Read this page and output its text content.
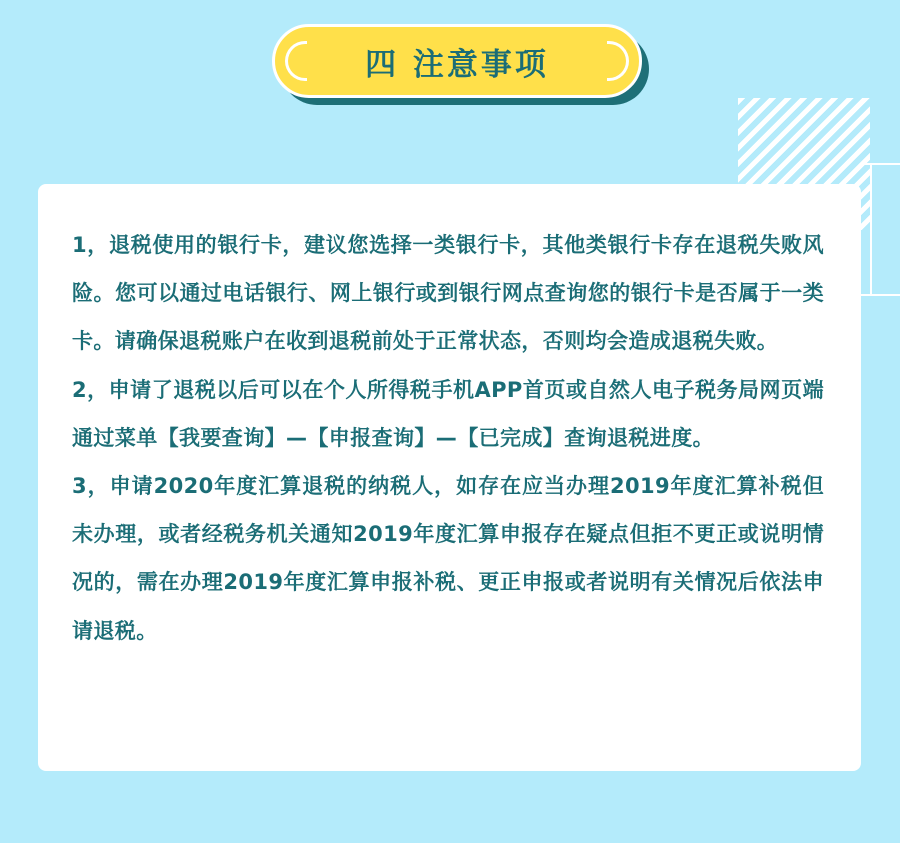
四 注意事项

1，退税使用的银行卡，建议您选择一类银行卡，其他类银行卡存在退税失败风险。您可以通过电话银行、网上银行或到银行网点查询您的银行卡是否属于一类卡。请确保退税账户在收到退税前处于正常状态，否则均会造成退税失败。

2，申请了退税以后可以在个人所得税手机APP首页或自然人电子税务局网页端通过菜单【我要查询】—【申报查询】—【已完成】查询退税进度。

3，申请2020年度汇算退税的纳税人，如存在应当办理2019年度汇算补税但未办理，或者经税务机关通知2019年度汇算申报存在疑点但拒不更正或说明情况的，需在办理2019年度汇算申报补税、更正申报或者说明有关情况后依法申请退税。
